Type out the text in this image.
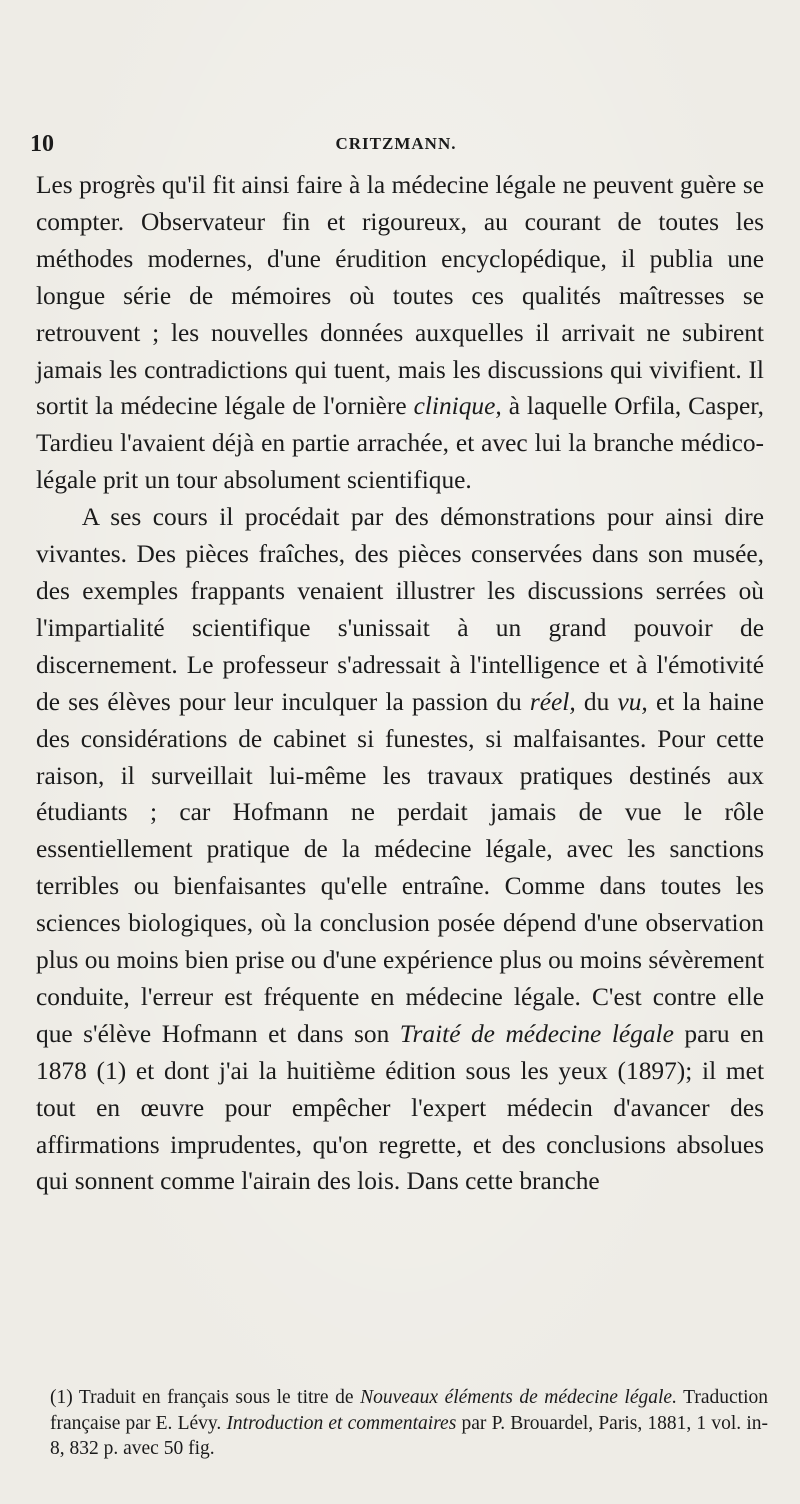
10	CRITZMANN.

Les progrès qu'il fit ainsi faire à la médecine légale ne peuvent guère se compter. Observateur fin et rigoureux, au courant de toutes les méthodes modernes, d'une érudition encyclopédique, il publia une longue série de mémoires où toutes ces qualités maîtresses se retrouvent ; les nouvelles données auxquelles il arrivait ne subirent jamais les contradictions qui tuent, mais les discussions qui vivifient. Il sortit la médecine légale de l'ornière clinique, à laquelle Orfila, Casper, Tardieu l'avaient déjà en partie arrachée, et avec lui la branche médico-légale prit un tour absolument scientifique.

A ses cours il procédait par des démonstrations pour ainsi dire vivantes. Des pièces fraîches, des pièces conservées dans son musée, des exemples frappants venaient illustrer les discussions serrées où l'impartialité scientifique s'unissait à un grand pouvoir de discernement. Le professeur s'adressait à l'intelligence et à l'émotivité de ses élèves pour leur inculquer la passion du réel, du vu, et la haine des considérations de cabinet si funestes, si malfaisantes. Pour cette raison, il surveillait lui-même les travaux pratiques destinés aux étudiants ; car Hofmann ne perdait jamais de vue le rôle essentiellement pratique de la médecine légale, avec les sanctions terribles ou bienfaisantes qu'elle entraîne. Comme dans toutes les sciences biologiques, où la conclusion posée dépend d'une observation plus ou moins bien prise ou d'une expérience plus ou moins sévèrement conduite, l'erreur est fréquente en médecine légale. C'est contre elle que s'élève Hofmann et dans son Traité de médecine légale paru en 1878 (1) et dont j'ai la huitième édition sous les yeux (1897); il met tout en œuvre pour empêcher l'expert médecin d'avancer des affirmations imprudentes, qu'on regrette, et des conclusions absolues qui sonnent comme l'airain des lois. Dans cette branche

(1) Traduit en français sous le titre de Nouveaux éléments de médecine légale. Traduction française par E. Lévy. Introduction et commentaires par P. Brouardel, Paris, 1881, 1 vol. in-8, 832 p. avec 50 fig.
